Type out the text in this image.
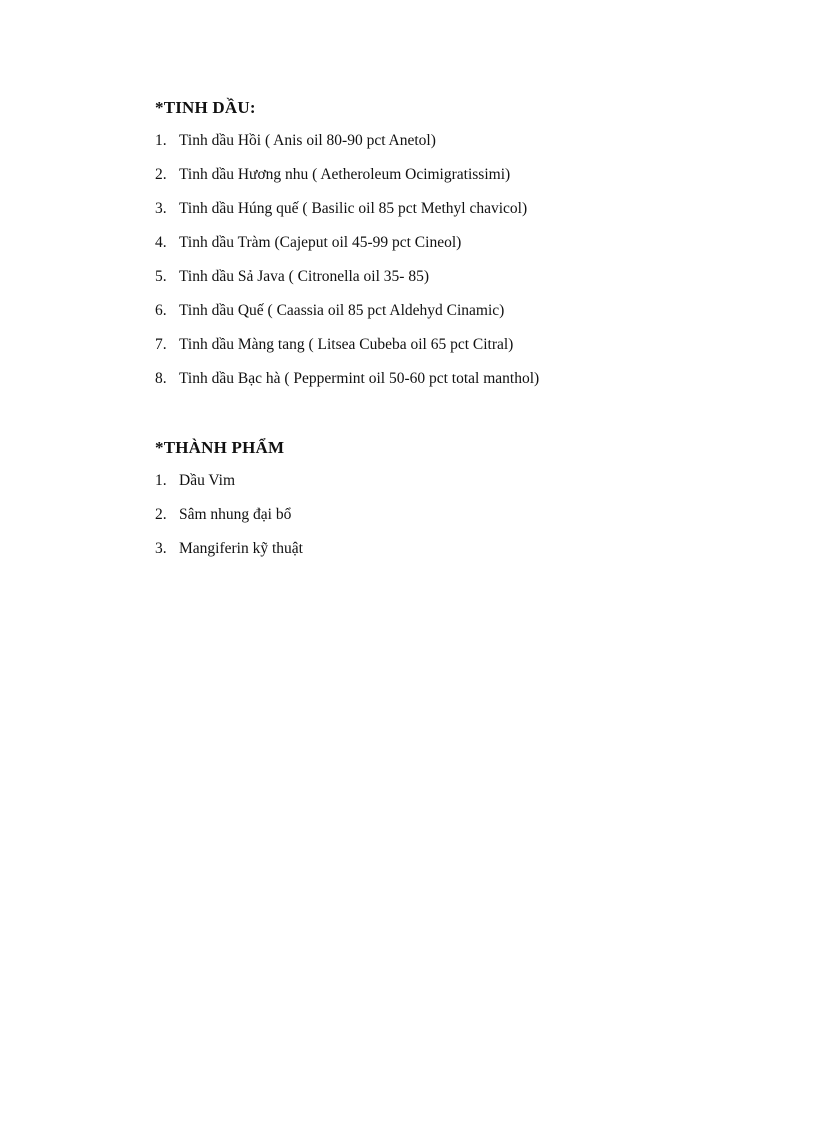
*TINH DẦU:
1. Tinh dầu Hồi ( Anis oil 80-90 pct Anetol)
2. Tinh dầu Hương nhu ( Aetheroleum Ocimigratissimi)
3. Tinh dầu Húng quế ( Basilic oil 85 pct Methyl chavicol)
4. Tinh dầu Tràm (Cajeput oil 45-99 pct Cineol)
5. Tinh dầu Sả Java ( Citronella oil 35- 85)
6. Tinh dầu Quế ( Caassia oil 85 pct Aldehyd Cinamic)
7. Tinh dầu Màng tang ( Litsea Cubeba oil 65 pct Citral)
8. Tinh dầu Bạc hà ( Peppermint oil 50-60 pct total manthol)
*THÀNH PHẨM
1. Dầu Vim
2. Sâm nhung đại bổ
3. Mangiferin kỹ thuật
